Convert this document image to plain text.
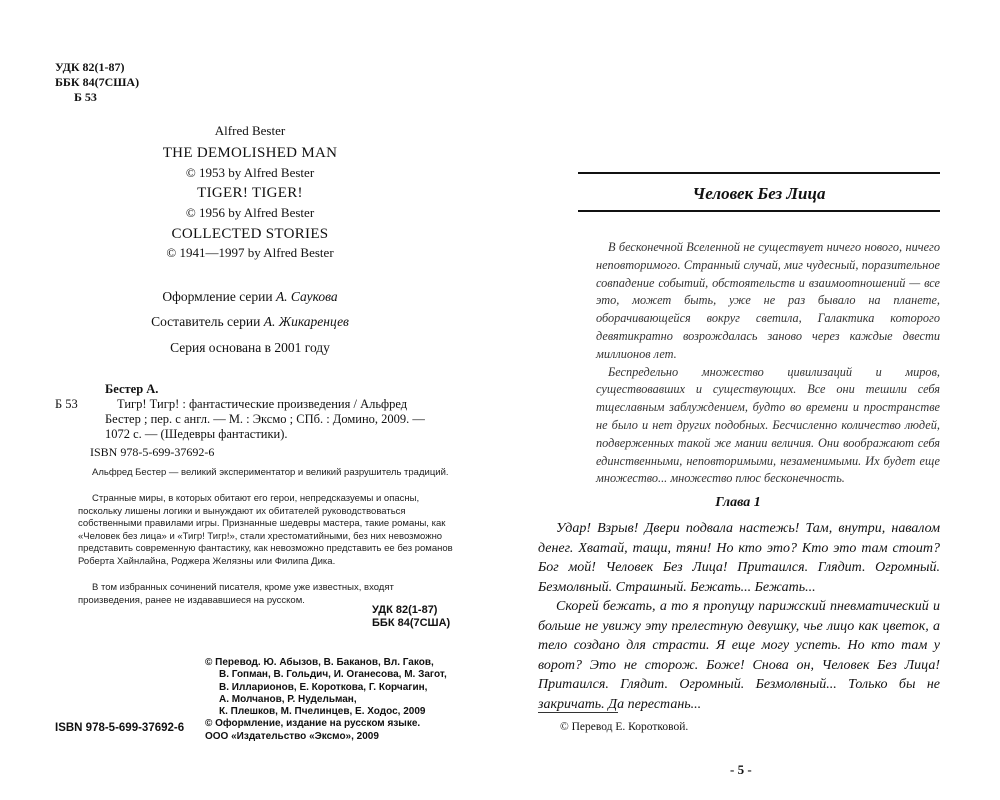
УДК 82(1-87)
ББК 84(7США)
Б 53
Alfred Bester
THE DEMOLISHED MAN
© 1953 by Alfred Bester
TIGER! TIGER!
© 1956 by Alfred Bester
COLLECTED STORIES
© 1941—1997 by Alfred Bester
Оформление серии А. Саукова
Составитель серии А. Жикаренцев
Серия основана в 2001 году
Б 53
Бестер А.
Тигр! Тигр! : фантастические произведения / Альфред
Бестер ; пер. с англ. — М. : Эксмо ; СПб. : Домино, 2009. —
1072 с. — (Шедевры фантастики).
ISBN 978-5-699-37692-6

Альфред Бестер — великий экспериментатор и великий разрушитель традиций.

Странные миры, в которых обитают его герои, непредсказуемы и опасны, поскольку лишены логики и вынуждают их обитателей руководствоваться собственными правилами игры. Признанные шедевры мастера, такие романы, как «Человек без лица» и «Тигр! Тигр!», стали хрестоматийными, без них невозможно представить современную фантастику, как невозможно представить ее без романов Роберта Хайнлайна, Роджера Желязны или Филипа Дика.

В том избранных сочинений писателя, кроме уже известных, входят произведения, ранее не издававшиеся на русском.

УДК 82(1-87)
ББК 84(7США)
© Перевод. Ю. Абызов, В. Баканов, Вл. Гаков,
В. Гопман, В. Гольдич, И. Оганесова, М. Загот,
В. Илларионов, Е. Короткова, Г. Корчагин,
А. Молчанов, Р. Нудельман,
К. Плешков, М. Пчелинцев, Е. Ходос, 2009
© Оформление, издание на русском языке.
ООО «Издательство «Эксмо», 2009
ISBN 978-5-699-37692-6
Человек Без Лица

В бесконечной Вселенной не существует ничего нового, ничего неповторимого. Странный случай, миг чудесный, поразительное совпадение событий, обстоятельств и взаимоотношений — все это, может быть, уже не раз бывало на планете, оборачивающейся вокруг светила, Галактика которого девятикратно возрождалась заново через каждые двести миллионов лет.

Беспредельно множество цивилизаций и миров, существовавших и существующих. Все они тешили себя тщеславным заблуждением, будто во времени и пространстве не было и нет других подобных. Бесчисленно количество людей, подверженных такой же мании величия. Они воображают себя единственными, неповторимыми, незаменимыми. Их будет еще множество... множество плюс бесконечность.

Глава 1

Удар! Взрыв! Двери подвала настежь! Там, внутри, навалом денег. Хватай, тащи, тяни! Но кто это? Кто это там стоит? Бог мой! Человек Без Лица! Притаился. Глядит. Огромный. Безмолвный. Страшный. Бежать... Бежать...

Скорей бежать, а то я пропущу парижский пневматический и больше не увижу эту прелестную девушку, чье лицо как цветок, а тело создано для страсти. Я еще могу успеть. Но кто там у ворот? Это не сторож. Боже! Снова он, Человек Без Лица! Притаился. Глядит. Огромный. Безмолвный... Только бы не закричать. Да перестань...

© Перевод Е. Коротковой.
- 5 -
